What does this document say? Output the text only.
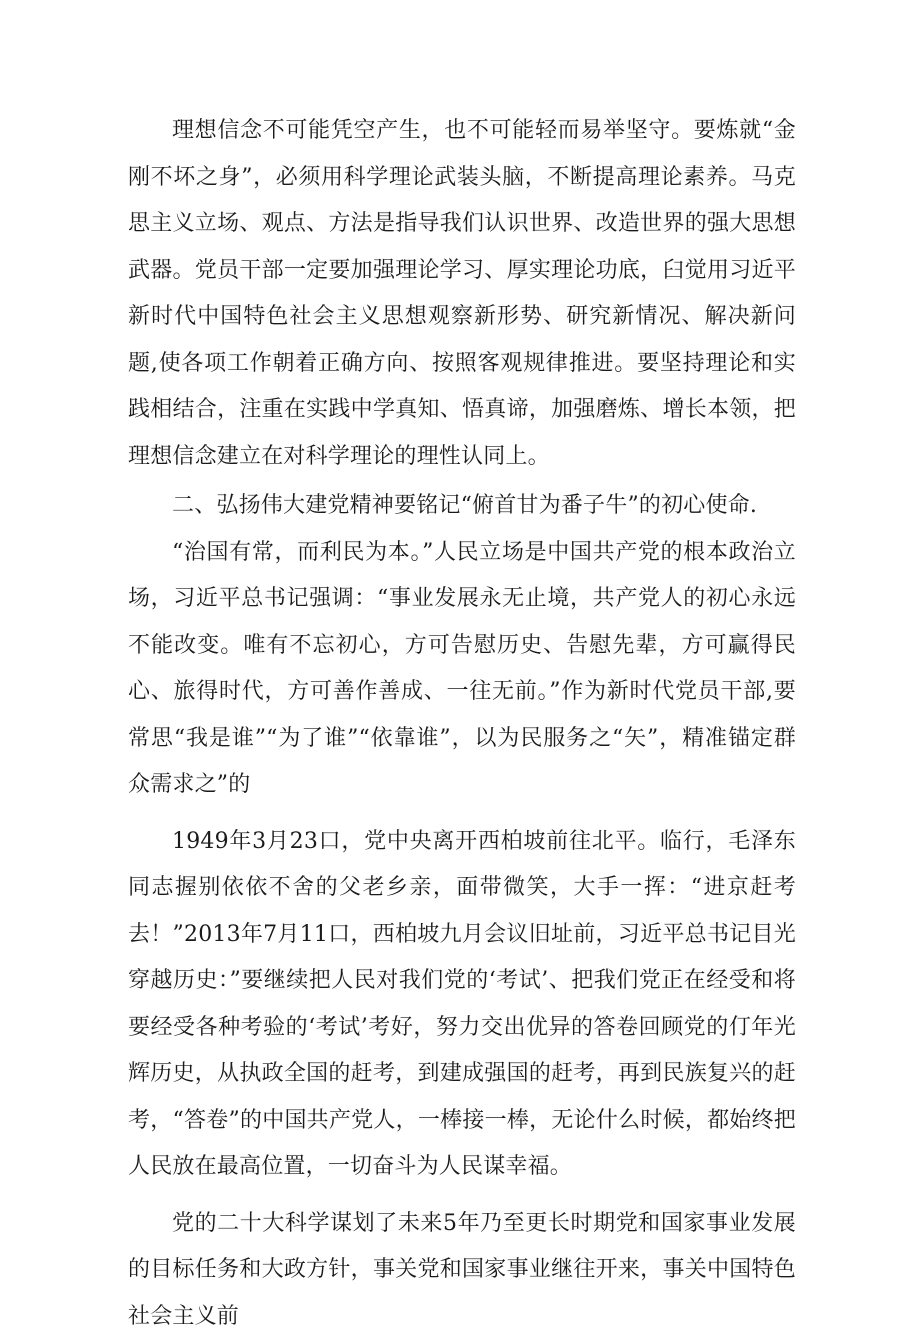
理想信念不可能凭空产生，也不可能轻而易举坚守。要炼就“金刚不坏之身”，必须用科学理论武装头脑，不断提高理论素养。马克思主义立场、观点、方法是指导我们认识世界、改造世界的强大思想武器。党员干部一定要加强理论学习、厚实理论功底，臼觉用习近平新时代中国特色社会主义思想观察新形势、研究新情况、解决新问题,使各项工作朝着正确方向、按照客观规律推进。要坚持理论和实践相结合，注重在实践中学真知、悟真谛，加强磨炼、增长本领，把理想信念建立在对科学理论的理性认同上。

二、弘扬伟大建党精神要铭记“俯首甘为番子牛”的初心使命.

“治国有常，而利民为本。”人民立场是中国共产党的根本政治立场，习近平总书记强调：“事业发展永无止境，共产党人的初心永远不能改变。唯有不忘初心，方可告慰历史、告慰先辈，方可赢得民心、旅得时代，方可善作善成、一往无前。”作为新时代党员干部,要常思“我是谁”“为了谁”“依靠谁”，以为民服务之“矢”，精准锚定群众需求之”的

1949年3月23口，党中央离开西柏坡前往北平。临行，毛泽东同志握别依依不舍的父老乡亲，面带微笑，大手一挥：“进京赶考去！”2013年7月11口，西柏坡九月会议旧址前，习近平总书记目光穿越历史：”要继续把人民对我们党的‘考试’、把我们党正在经受和将要经受各种考验的‘考试’考好，努力交出优异的答卷回顾党的仃年光辉历史，从执政全国的赶考，到建成强国的赶考，再到民族复兴的赶考，“答卷”的中国共产党人，一棒接一棒，无论什么时候，都始终把人民放在最高位置，一切奋斗为人民谋幸福。

党的二十大科学谋划了未来5年乃至更长时期党和国家事业发展的目标任务和大政方针，事关党和国家事业继往开来，事关中国特色社会主义前
